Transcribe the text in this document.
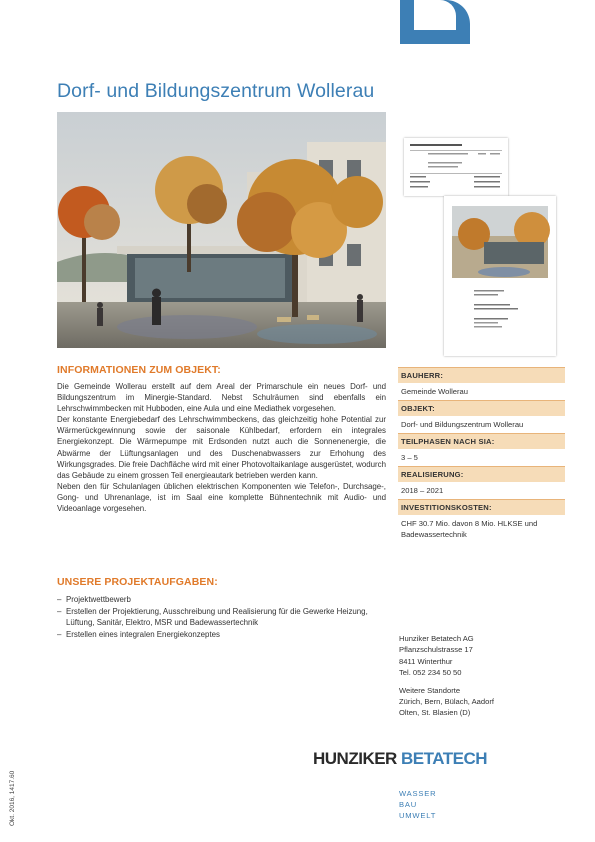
Dorf- und Bildungszentrum Wollerau
INFORMATIONEN ZUM OBJEKT:

Die Gemeinde Wollerau erstellt auf dem Areal der Primarschule ein neues Dorf- und Bildungszentrum im Minergie-Standard. Nebst Schulräumen sind ebenfalls ein Lehrschwimmbecken mit Hubboden, eine Aula und eine Mediathek vorgesehen.

Der konstante Energiebedarf des Lehrschwimmbeckens, das gleichzeitig hohe Potential zur Wärmerückgewinnung sowie der saisonale Kühlbedarf, erfordern ein integrales Energiekonzept. Die Wärmepumpe mit Erdsonden nutzt auch die Sonnenenergie, die Abwärme der Lüftungsanlagen und des Duschenabwassers zur Erhohung des Wirkungsgrades. Die freie Dachfläche wird mit einer Photovoltaikanlage ausgerüstet, wodurch das Gebäude zu einem grossen Teil energieautark betrieben werden kann.

Neben den für Schulanlagen üblichen elektrischen Komponenten wie Telefon-, Durchsage-, Gong- und Uhrenanlage, ist im Saal eine komplette Bühnentechnik mit Audio- und Videoanlage vorgesehen.

UNSERE PROJEKTAUFGABEN:
– Projektwettbewerb
– Erstellen der Projektierung, Ausschreibung und Realisierung für die Gewerke Heizung, Lüftung, Sanitär, Elektro, MSR und Badewassertechnik
– Erstellen eines integralen Energiekonzeptes
BAUHERR:
Gemeinde Wollerau
OBJEKT:
Dorf- und Bildungszentrum Wollerau
TEILPHASEN NACH SIA:
3 – 5
REALISIERUNG:
2018 – 2021
INVESTITIONSKOSTEN:
CHF 30.7 Mio. davon 8 Mio. HLKSE und Badewassertechnik

Hunziker Betatech AG

Pflanzschulstrasse 17

8411 Winterthur

Tel. 052 234 50 50

Weitere Standorte

Zürich, Bern, Bülach, Aadorf

Olten, St. Blasien (D)

HUNZIKER BETATECH
WASSER
BAU
UMWELT
Okt. 2016, 1417.60
